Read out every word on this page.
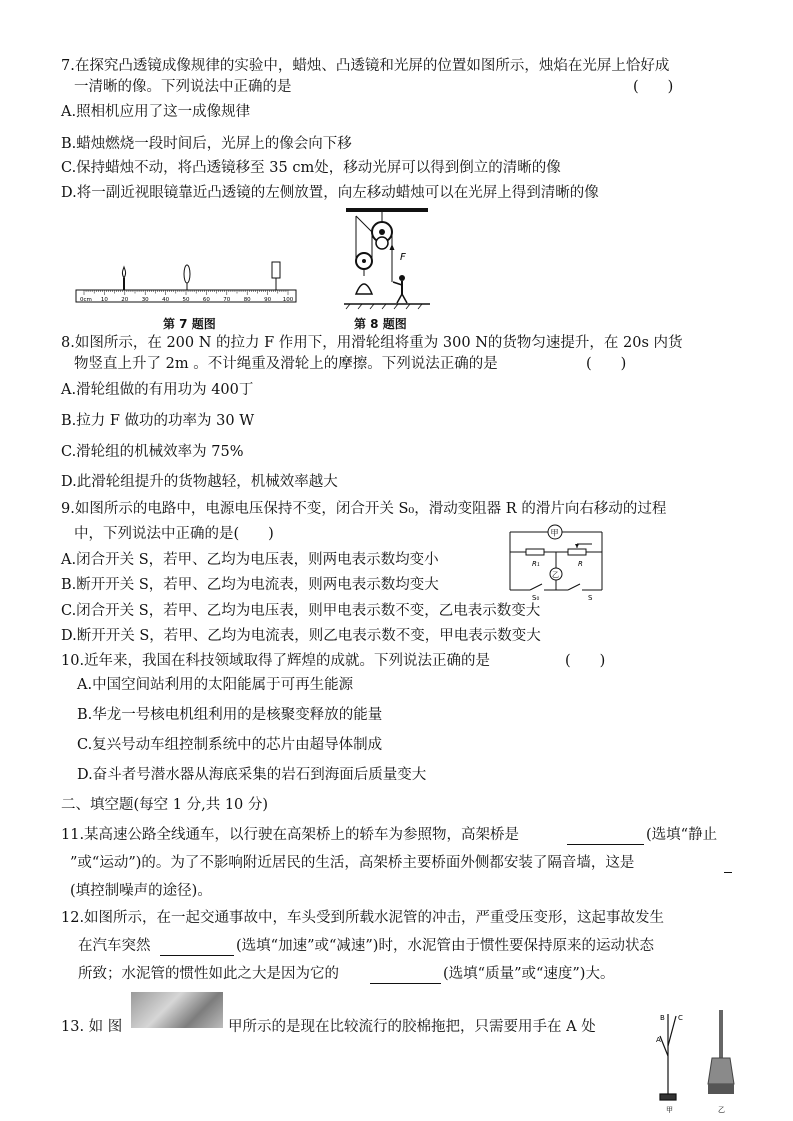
7.在探究凸透镜成像规律的实验中，蜡烛、凸透镜和光屏的位置如图所示，烛焰在光屏上恰好成
一清晰的像。下列说法中正确的是	(　　)
A.照相机应用了这一成像规律
B.蜡烛燃烧一段时间后，光屏上的像会向下移
C.保持蜡烛不动，将凸透镜移至 35 cm处，移动光屏可以得到倒立的清晰的像
D.将一副近视眼镜靠近凸透镜的左侧放置，向左移动蜡烛可以在光屏上得到清晰的像
0cm 10 20 30 40 50 60 70 80 90 100
第 7 题图
F
第 8 题图
8.如图所示，在 200 N 的拉力 F 作用下，用滑轮组将重为 300 N的货物匀速提升，在 20s 内货
物竖直上升了 2m 。不计绳重及滑轮上的摩擦。下列说法正确的是	(　　)
A.滑轮组做的有用功为 400丁
B.拉力 F 做功的功率为 30 W
C.滑轮组的机械效率为 75%
D.此滑轮组提升的货物越轻，机械效率越大
9.如图所示的电路中，电源电压保持不变，闭合开关 S₀，滑动变阻器 R 的滑片向右移动的过程
中，下列说法中正确的是(　　)	甲
乙
R₁	R
S₀	S
A.闭合开关 S，若甲、乙均为电压表，则两电表示数均变小
B.断开开关 S，若甲、乙均为电流表，则两电表示数均变大
C.闭合开关 S，若甲、乙均为电压表，则甲电表示数不变，乙电表示数变大
D.断开开关 S，若甲、乙均为电流表，则乙电表示数不变，甲电表示数变大
10.近年来，我国在科技领域取得了辉煌的成就。下列说法正确的是	(　　)
A.中国空间站利用的太阳能属于可再生能源
B.华龙一号核电机组利用的是核聚变释放的能量
C.复兴号动车组控制系统中的芯片由超导体制成
D.奋斗者号潜水器从海底采集的岩石到海面后质量变大
二、填空题(每空 1 分,共 10 分)
11.某高速公路全线通车，以行驶在高架桥上的轿车为参照物，高架桥是	(选填“静止
”或“运动”)的。为了不影响附近居民的生活，高架桥主要桥面外侧都安装了隔音墙，这是
(填控制噪声的途径)。
12.如图所示，在一起交通事故中，车头受到所载水泥管的冲击，严重受压变形，这起事故发生
在汽车突然	(选填“加速”或“减速”)时，水泥管由于惯性要保持原来的运动状态
所致；水泥管的惯性如此之大是因为它的	(选填“质量”或“速度”)大。
13. 如 图	甲所示的是现在比较流行的胶棉拖把，只需要用手在 A 处
A
B C
甲	乙
